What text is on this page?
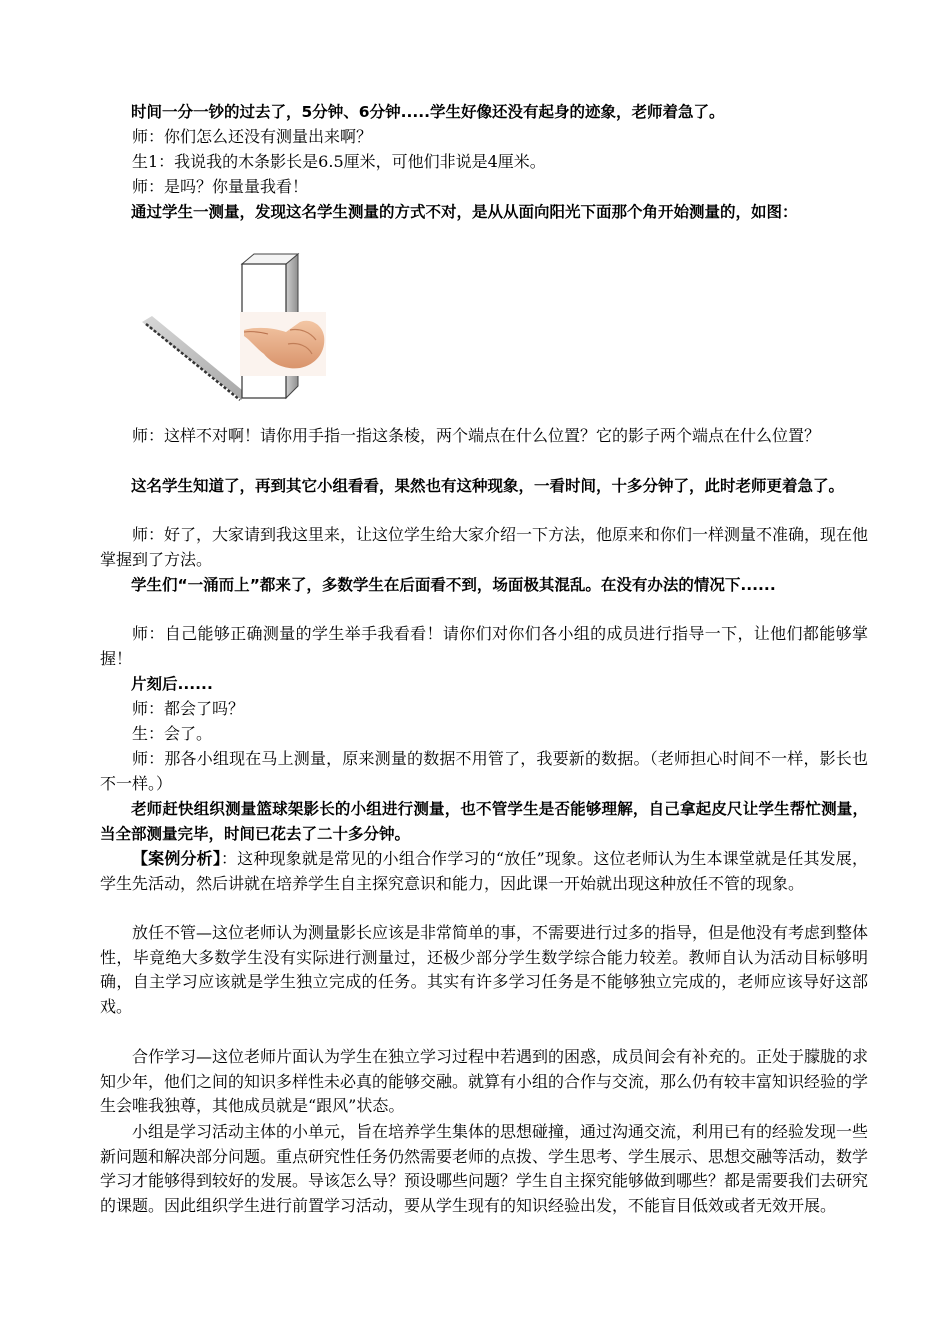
时间一分一钞的过去了，5分钟、6分钟.....学生好像还没有起身的迹象，老师着急了。

师：你们怎么还没有测量出来啊？

生1：我说我的木条影长是6.5厘米，可他们非说是4厘米。

师：是吗？你量量我看！

通过学生一测量，发现这名学生测量的方式不对，是从从面向阳光下面那个角开始测量的，如图：

师：这样不对啊！请你用手指一指这条棱，两个端点在什么位置？它的影子两个端点在什么位置？

这名学生知道了，再到其它小组看看，果然也有这种现象，一看时间，十多分钟了，此时老师更着急了。

师：好了，大家请到我这里来，让这位学生给大家介绍一下方法，他原来和你们一样测量不准确，现在他掌握到了方法。

学生们“一涌而上”都来了，多数学生在后面看不到，场面极其混乱。在没有办法的情况下......

师：自己能够正确测量的学生举手我看看！请你们对你们各小组的成员进行指导一下，让他们都能够掌握！

片刻后......

师：都会了吗？

生：会了。

师：那各小组现在马上测量，原来测量的数据不用管了，我要新的数据。（老师担心时间不一样，影长也不一样。）

老师赶快组织测量篮球架影长的小组进行测量，也不管学生是否能够理解，自己拿起皮尺让学生帮忙测量，当全部测量完毕，时间已花去了二十多分钟。

【案例分析】：这种现象就是常见的小组合作学习的“放任”现象。这位老师认为生本课堂就是任其发展，学生先活动，然后讲就在培养学生自主探究意识和能力，因此课一开始就出现这种放任不管的现象。

放任不管—这位老师认为测量影长应该是非常简单的事，不需要进行过多的指导，但是他没有考虑到整体性，毕竟绝大多数学生没有实际进行测量过，还极少部分学生数学综合能力较差。教师自认为活动目标够明确，自主学习应该就是学生独立完成的任务。其实有许多学习任务是不能够独立完成的，老师应该导好这部戏。

合作学习—这位老师片面认为学生在独立学习过程中若遇到的困惑，成员间会有补充的。正处于朦胧的求知少年，他们之间的知识多样性未必真的能够交融。就算有小组的合作与交流，那么仍有较丰富知识经验的学生会唯我独尊，其他成员就是“跟风”状态。

小组是学习活动主体的小单元，旨在培养学生集体的思想碰撞，通过沟通交流，利用已有的经验发现一些新问题和解决部分问题。重点研究性任务仍然需要老师的点拨、学生思考、学生展示、思想交融等活动，数学学习才能够得到较好的发展。导该怎么导？预设哪些问题？学生自主探究能够做到哪些？都是需要我们去研究的课题。因此组织学生进行前置学习活动，要从学生现有的知识经验出发，不能盲目低效或者无效开展。
